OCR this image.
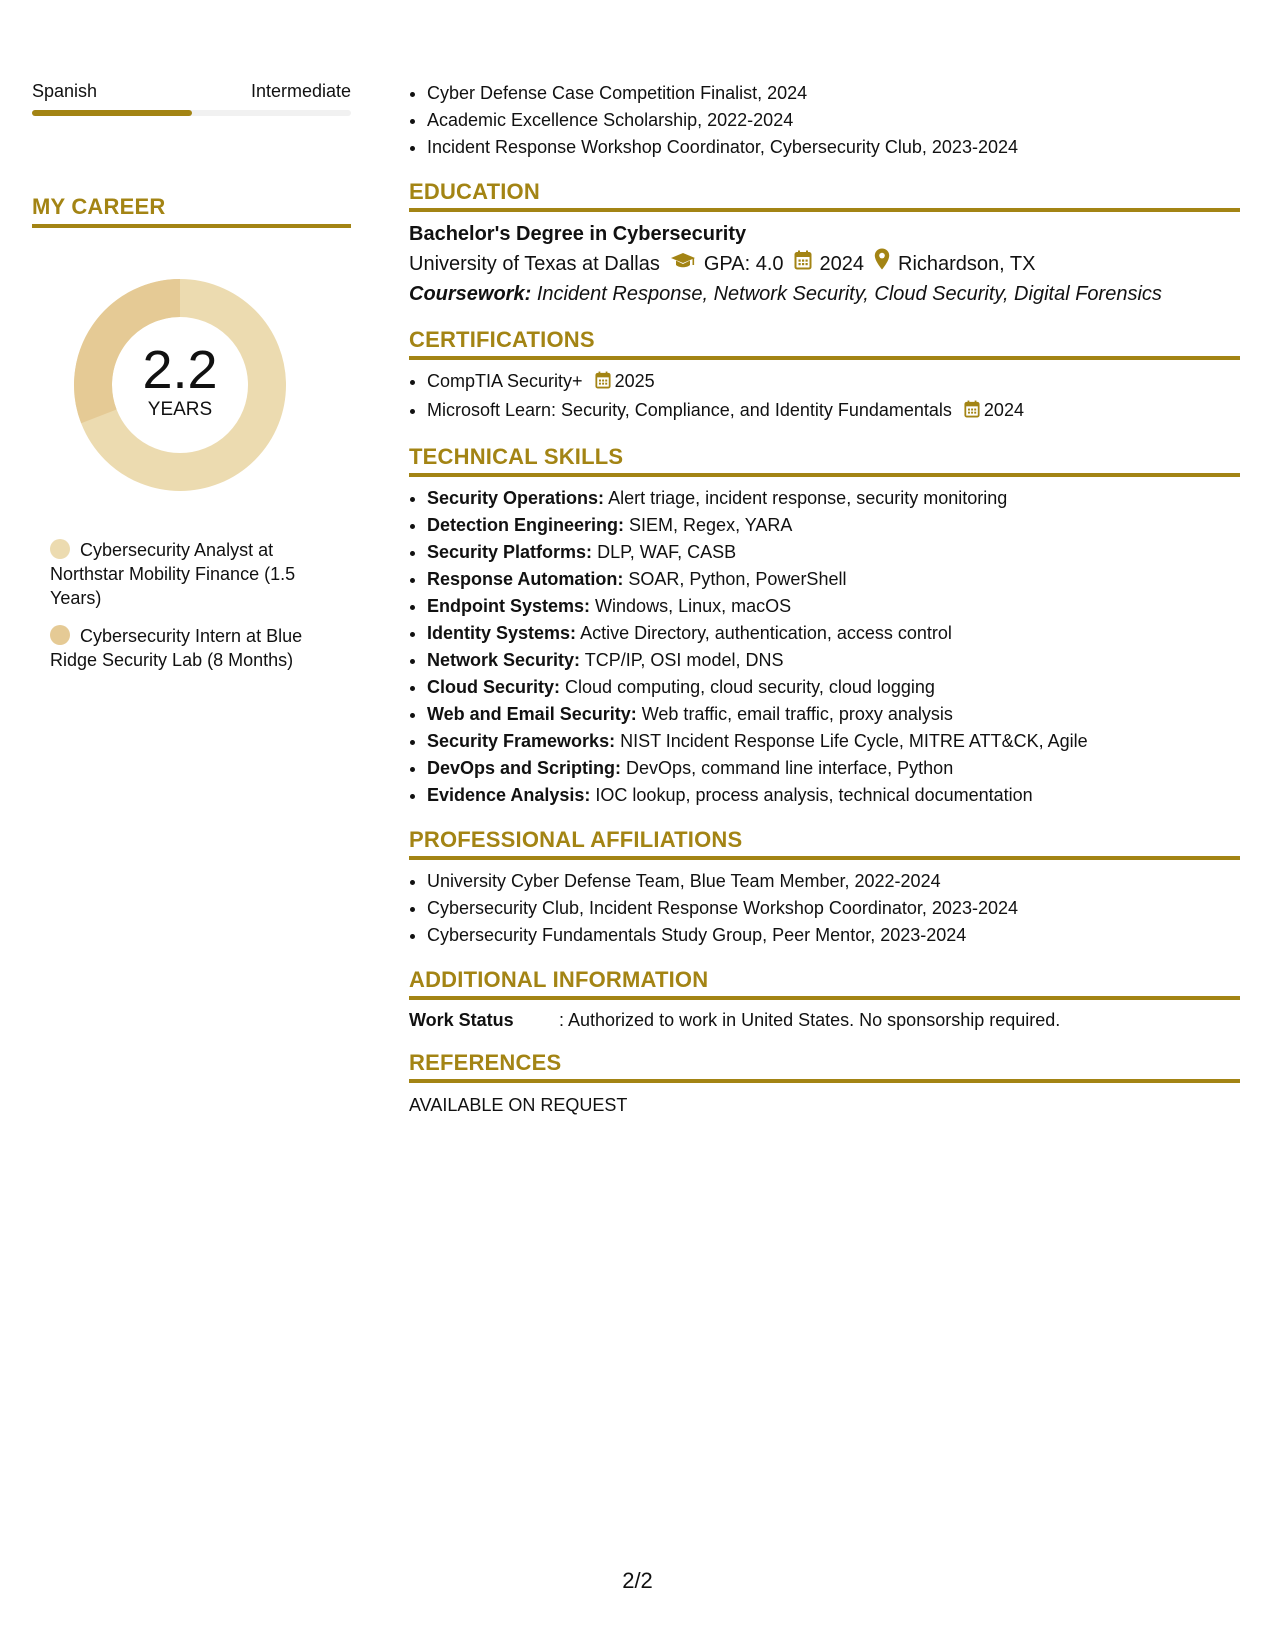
Spanish	Intermediate
MY CAREER
2.2
YEARS
Cybersecurity Analyst at Northstar Mobility Finance (1.5 Years)
Cybersecurity Intern at Blue Ridge Security Lab (8 Months)
• Cyber Defense Case Competition Finalist, 2024
• Academic Excellence Scholarship, 2022-2024
• Incident Response Workshop Coordinator, Cybersecurity Club, 2023-2024
EDUCATION
Bachelor's Degree in Cybersecurity
University of Texas at Dallas GPA: 4.0 2024 Richardson, TX
Coursework: Incident Response, Network Security, Cloud Security, Digital Forensics
CERTIFICATIONS
• CompTIA Security+ 2025
• Microsoft Learn: Security, Compliance, and Identity Fundamentals 2024
TECHNICAL SKILLS
• Security Operations: Alert triage, incident response, security monitoring
• Detection Engineering: SIEM, Regex, YARA
• Security Platforms: DLP, WAF, CASB
• Response Automation: SOAR, Python, PowerShell
• Endpoint Systems: Windows, Linux, macOS
• Identity Systems: Active Directory, authentication, access control
• Network Security: TCP/IP, OSI model, DNS
• Cloud Security: Cloud computing, cloud security, cloud logging
• Web and Email Security: Web traffic, email traffic, proxy analysis
• Security Frameworks: NIST Incident Response Life Cycle, MITRE ATT&CK, Agile
• DevOps and Scripting: DevOps, command line interface, Python
• Evidence Analysis: IOC lookup, process analysis, technical documentation
PROFESSIONAL AFFILIATIONS
• University Cyber Defense Team, Blue Team Member, 2022-2024
• Cybersecurity Club, Incident Response Workshop Coordinator, 2023-2024
• Cybersecurity Fundamentals Study Group, Peer Mentor, 2023-2024
ADDITIONAL INFORMATION
Work Status	: Authorized to work in United States. No sponsorship required.
REFERENCES
AVAILABLE ON REQUEST
2/2
